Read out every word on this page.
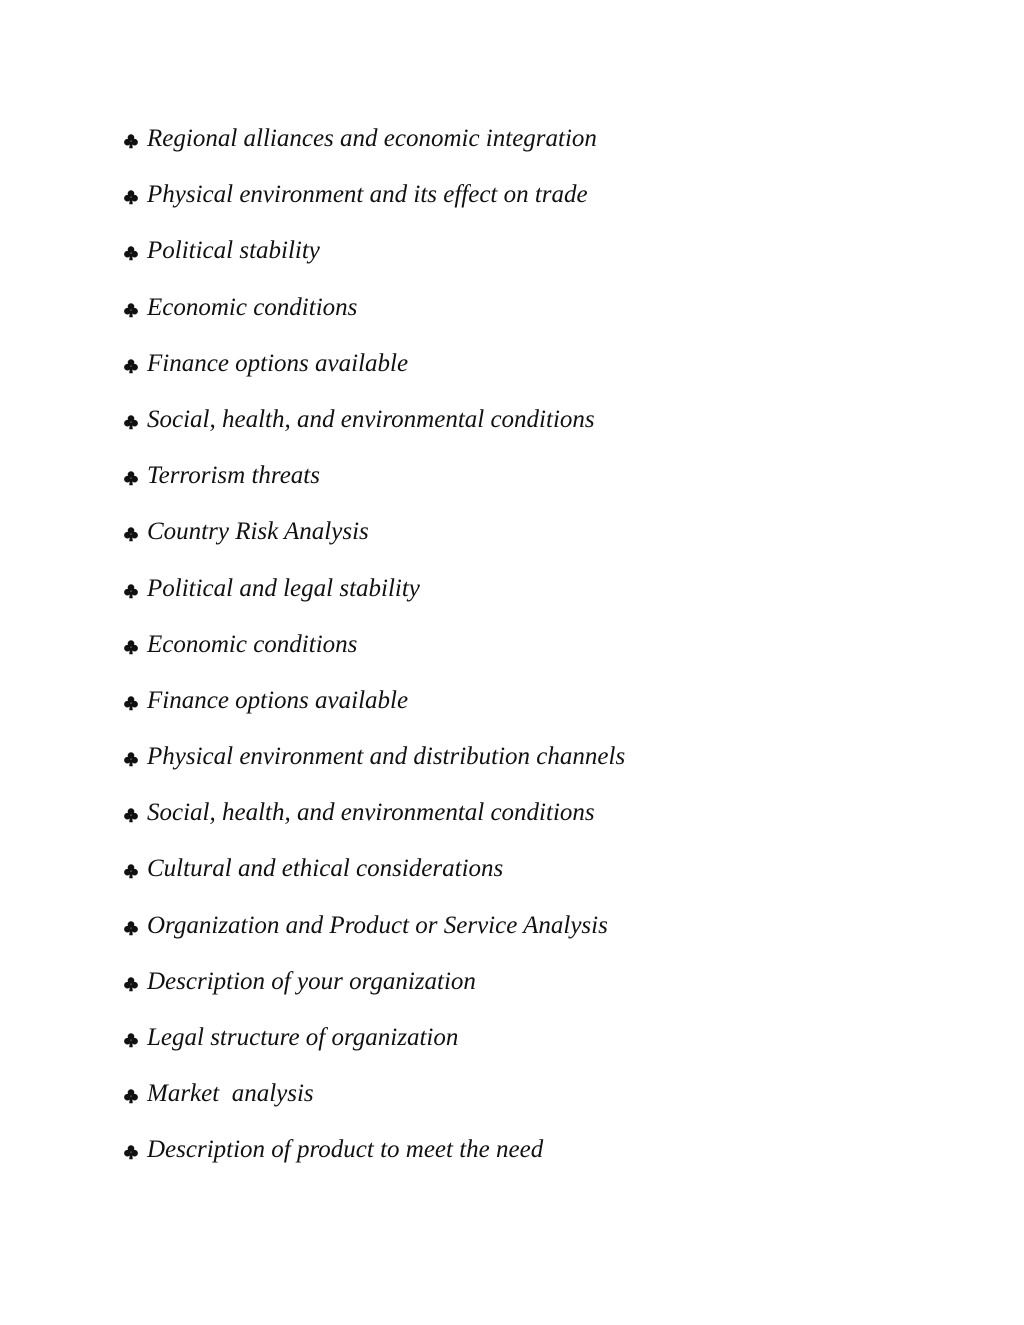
Regional alliances and economic integration
Physical environment and its effect on trade
Political stability
Economic conditions
Finance options available
Social, health, and environmental conditions
Terrorism threats
Country Risk Analysis
Political and legal stability
Economic conditions
Finance options available
Physical environment and distribution channels
Social, health, and environmental conditions
Cultural and ethical considerations
Organization and Product or Service Analysis
Description of your organization
Legal structure of organization
Market  analysis
Description of product to meet the need
